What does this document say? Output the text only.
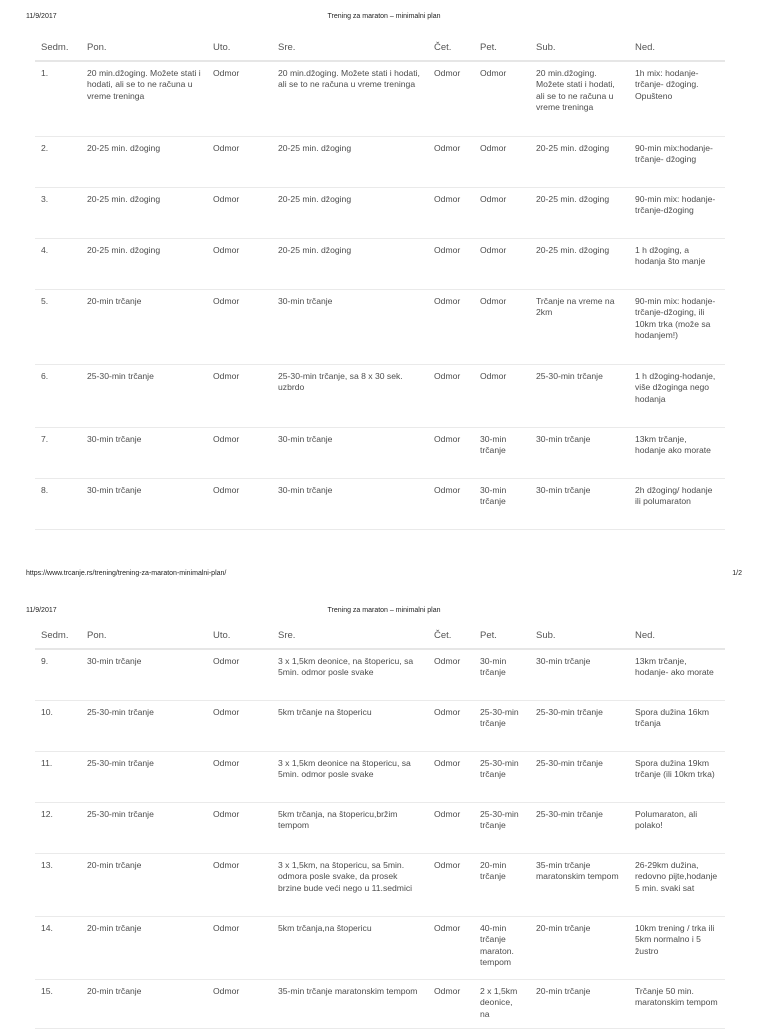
11/9/2017	Trening za maraton – minimalni plan
Sedm.	Pon.	Uto.	Sre.	Čet.	Pet.	Sub.	Ned.
1.	20 min.džoging. Možete stati i hodati, ali se to ne računa u vreme treninga	Odmor	20 min.džoging. Možete stati i hodati, ali se to ne računa u vreme treninga	Odmor	Odmor	20 min.džoging. Možete stati i hodati, ali se to ne računa u vreme treninga	1h mix: hodanje-trčanje- džoging. Opušteno
2.	20-25 min. džoging	Odmor	20-25 min. džoging	Odmor	Odmor	20-25 min. džoging	90-min mix:hodanje-trčanje- džoging
3.	20-25 min. džoging	Odmor	20-25 min. džoging	Odmor	Odmor	20-25 min. džoging	90-min mix: hodanje- trčanje-džoging
4.	20-25 min. džoging	Odmor	20-25 min. džoging	Odmor	Odmor	20-25 min. džoging	1 h džoging, a hodanja što manje
5.	20-min trčanje	Odmor	30-min trčanje	Odmor	Odmor	Trčanje na vreme na 2km	90-min mix: hodanje- trčanje-džoging, ili 10km trka (može sa hodanjem!)
6.	25-30-min trčanje	Odmor	25-30-min trčanje, sa 8 x 30 sek. uzbrdo	Odmor	Odmor	25-30-min trčanje	1 h džoging-hodanje, više džoginga nego hodanja
7.	30-min trčanje	Odmor	30-min trčanje	Odmor	30-min trčanje	30-min trčanje	13km trčanje, hodanje ako morate
8.	30-min trčanje	Odmor	30-min trčanje	Odmor	30-min trčanje	30-min trčanje	2h džoging/ hodanje ili polumaraton
https://www.trcanje.rs/trening/trening-za-maraton-minimalni-plan/	1/2
11/9/2017	Trening za maraton – minimalni plan
Sedm.	Pon.	Uto.	Sre.	Čet.	Pet.	Sub.	Ned.
9.	30-min trčanje	Odmor	3 x 1,5km deonice, na štopericu, sa 5min. odmor posle svake	Odmor	30-min trčanje	30-min trčanje	13km trčanje, hodanje- ako morate
10.	25-30-min trčanje	Odmor	5km trčanje na štopericu	Odmor	25-30-min trčanje	25-30-min trčanje	Spora dužina 16km trčanja
11.	25-30-min trčanje	Odmor	3 x 1,5km deonice na štopericu, sa 5min. odmor posle svake	Odmor	25-30-min trčanje	25-30-min trčanje	Spora dužina 19km trčanje (ili 10km trka)
12.	25-30-min trčanje	Odmor	5km trčanja, na štopericu,bržim tempom	Odmor	25-30-min trčanje	25-30-min trčanje	Polumaraton, ali polako!
13.	20-min trčanje	Odmor	3 x 1,5km, na štopericu, sa 5min. odmora posle svake, da prosek brzine bude veći nego u 11.sedmici	Odmor	20-min trčanje	35-min trčanje maratonskim tempom	26-29km dužina, redovno pijte,hodanje 5 min. svaki sat
14.	20-min trčanje	Odmor	5km trčanja,na štopericu	Odmor	40-min trčanje maraton. tempom	20-min trčanje	10km trening / trka ili 5km normalno i 5 žustro
15.	20-min trčanje	Odmor	35-min trčanje maratonskim tempom	Odmor	2 x 1,5km deonice, na	20-min trčanje	Trčanje 50 min. maratonskim tempom
